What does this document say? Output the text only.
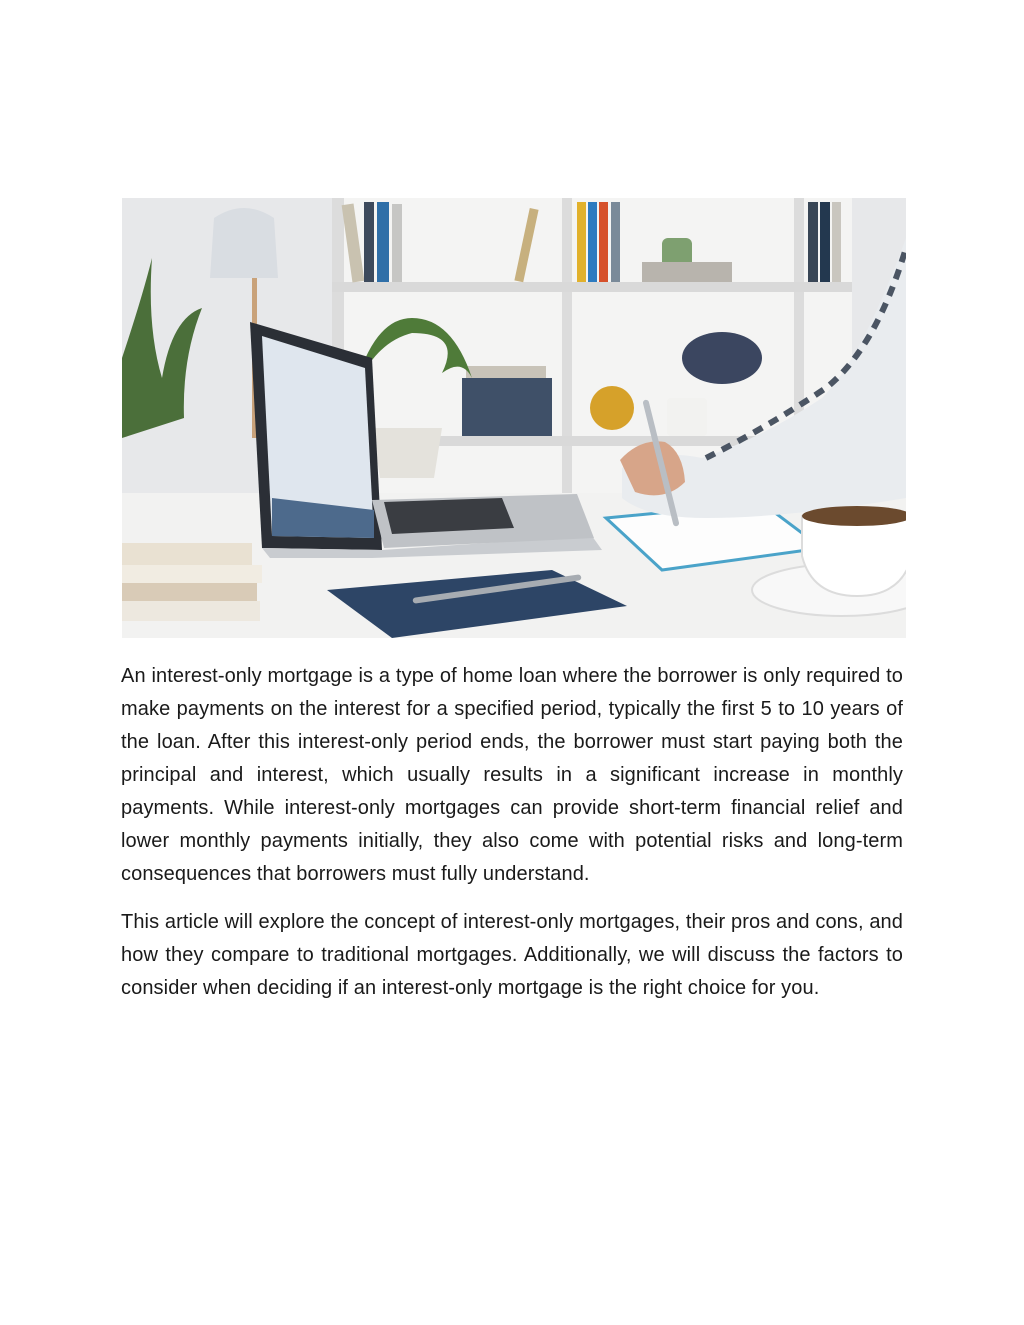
An interest-only mortgage is a type of home loan where the borrower is only required to make payments on the interest for a specified period, typically the first 5 to 10 years of the loan. After this interest-only period ends, the borrower must start paying both the principal and interest, which usually results in a significant increase in monthly payments. While interest-only mortgages can provide short-term financial relief and lower monthly payments initially, they also come with potential risks and long-term consequences that borrowers must fully understand.

This article will explore the concept of interest-only mortgages, their pros and cons, and how they compare to traditional mortgages. Additionally, we will discuss the factors to consider when deciding if an interest-only mortgage is the right choice for you.
